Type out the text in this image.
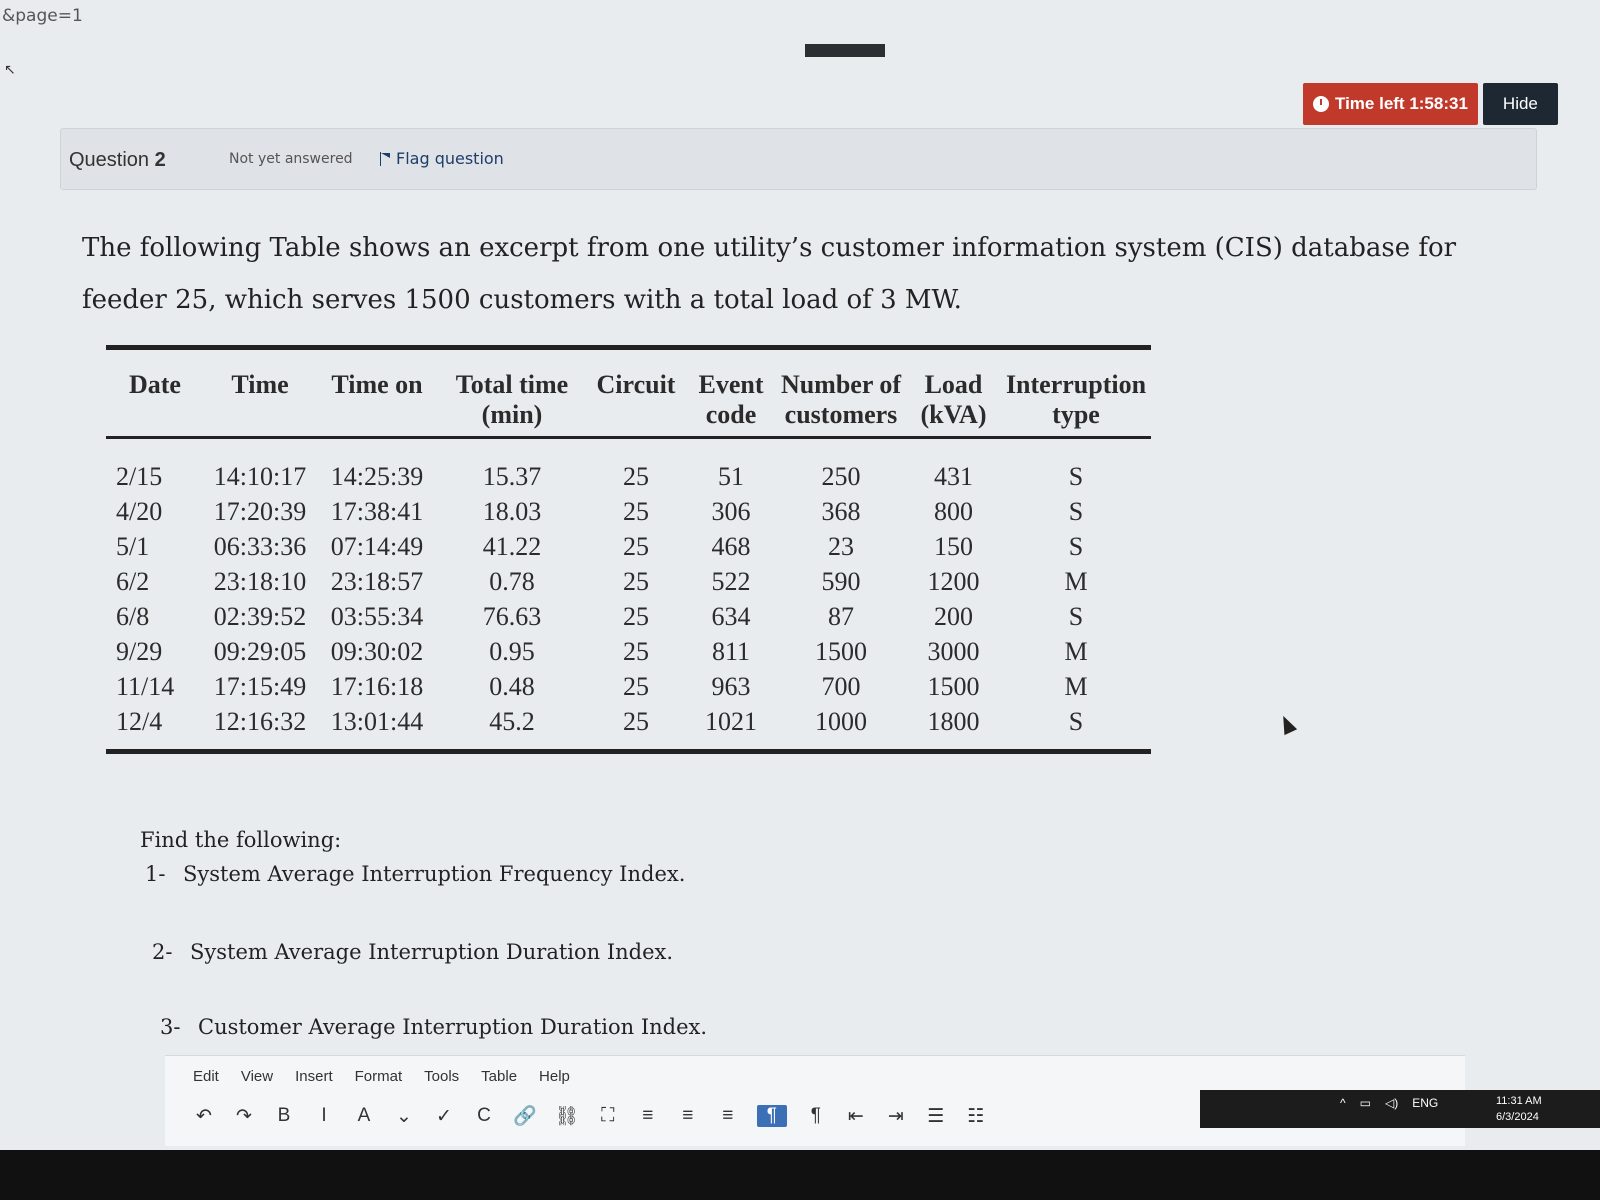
&page=1
↖
Time left 1:58:31	Hide
Question 2	Not yet answered	Flag question
The following Table shows an excerpt from one utility’s customer information system (CIS) database for feeder 25, which serves 1500 customers with a total load of 3 MW.
Date	Time	Time on	Total time
(min)
Circuit Event
code
Number of
customers
Load
(kVA)
Interruption
type
2/15	14:10:17 14:25:39	15.37	25	51	250	431	S
4/20	17:20:39 17:38:41	18.03	25	306	368	800	S
5/1	06:33:36 07:14:49	41.22	25	468	23	150	S
6/2	23:18:10 23:18:57	0.78	25	522	590	1200	M
6/8	02:39:52 03:55:34	76.63	25	634	87	200	S
9/29	09:29:05 09:30:02	0.95	25	811	1500	3000	M
11/14	17:15:49 17:16:18	0.48	25	963	700	1500	M
12/4	12:16:32 13:01:44	45.2	25	1021	1000	1800	S
Find the following:
1- System Average Interruption Frequency Index.
2- System Average Interruption Duration Index.
3- Customer Average Interruption Duration Index.
Edit View Insert Format Tools Table Help
↶ ↷ B	I	A ⌄ ✓ C 🔗 ⛓ ⛶ ≡ ≡ ≡	¶	¶	⇤ ⇥ ☰ ☷
^ ▭ ◁) ENG	11:31 AM
6/3/2024
